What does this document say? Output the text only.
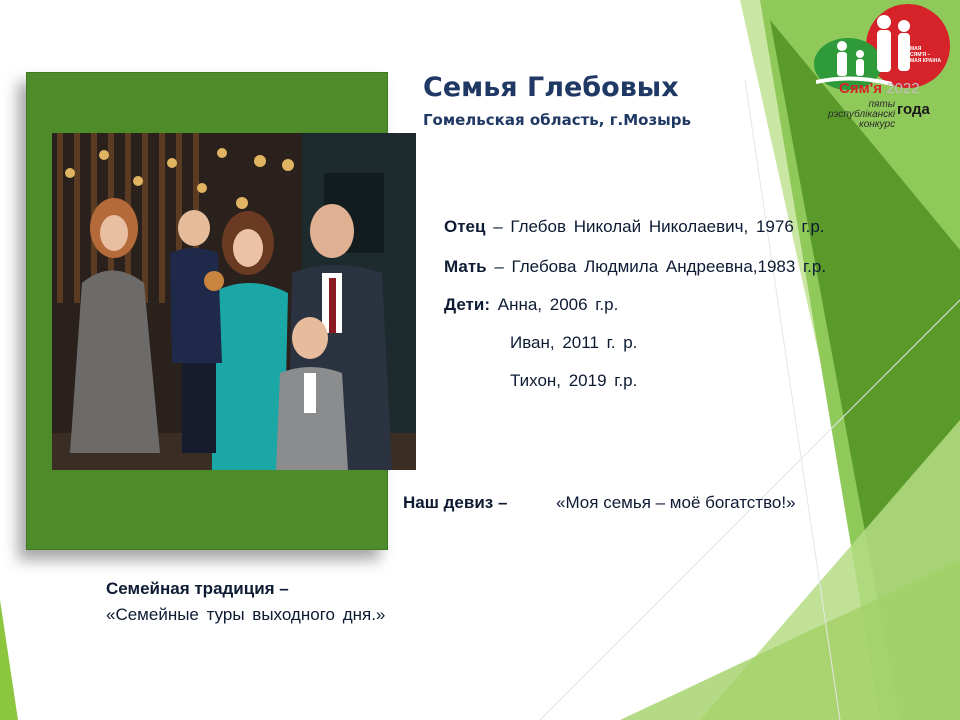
Семья Глебовых
Гомельская область, г.Мозырь
Отец – Глебов Николай Николаевич, 1976 г.р.
Мать – Глебова Людмила Андреевна,1983 г.р.
Дети: Анна, 2006 г.р.
Иван, 2011 г. р.
Тихон, 2019 г.р.
Наш девиз –	«Моя семья – моё богатство!»
Семейная традиция –
«Семейные туры выходного дня.»
МАЯ
СЯМ'Я –
МАЯ КРАІНА
Сям'я 2022
пяты
рэспубліканскі
конкурс
года
